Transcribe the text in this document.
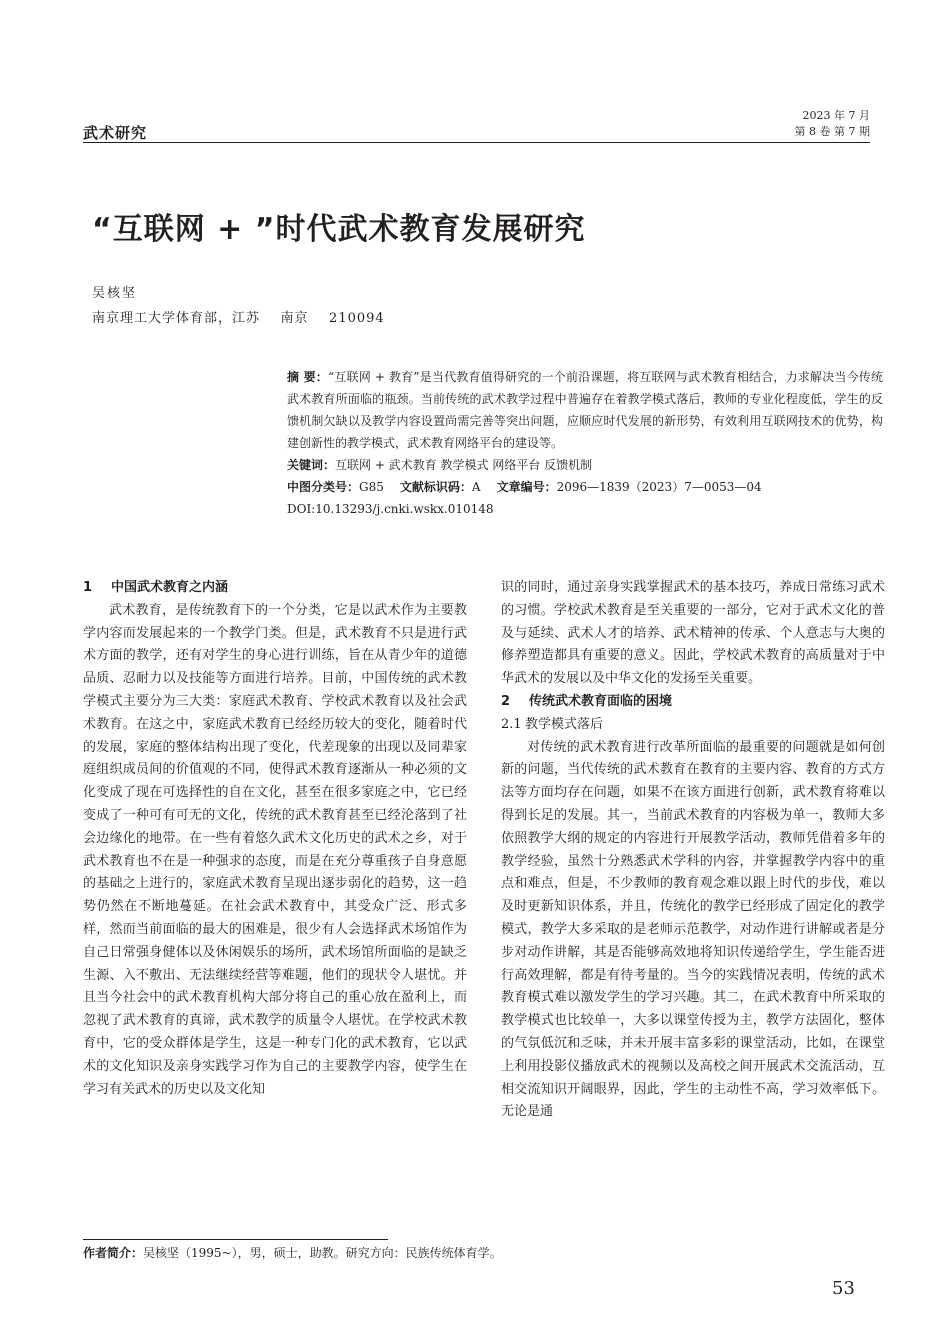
武术研究
2023 年 7 月
第 8 卷 第 7 期
“互联网 + ”时代武术教育发展研究
吴核坚
南京理工大学体育部，江苏    南京    210094

摘 要：“互联网 + 教育”是当代教育值得研究的一个前沿课题，将互联网与武术教育相结合，力求解决当今传统武术教育所面临的瓶颈。当前传统的武术教学过程中普遍存在着教学模式落后，教师的专业化程度低，学生的反馈机制欠缺以及教学内容设置尚需完善等突出问题，应顺应时代发展的新形势，有效利用互联网技术的优势，构建创新性的教学模式，武术教育网络平台的建设等。

关键词：互联网 + 武术教育 教学模式 网络平台 反馈机制

中图分类号：G85 文献标识码：A 文章编号：2096—1839（2023）7—0053—04

DOI:10.13293/j.cnki.wskx.010148

1 中国武术教育之内涵

武术教育，是传统教育下的一个分类，它是以武术作为主要教学内容而发展起来的一个教学门类。但是，武术教育不只是进行武术方面的教学，还有对学生的身心进行训练，旨在从青少年的道德品质、忍耐力以及技能等方面进行培养。目前，中国传统的武术教学模式主要分为三大类：家庭武术教育、学校武术教育以及社会武术教育。在这之中，家庭武术教育已经经历较大的变化，随着时代的发展，家庭的整体结构出现了变化，代差现象的出现以及同辈家庭组织成员间的价值观的不同，使得武术教育逐渐从一种必须的文化变成了现在可选择性的自在文化，甚至在很多家庭之中，它已经变成了一种可有可无的文化，传统的武术教育甚至已经沦落到了社会边缘化的地带。在一些有着悠久武术文化历史的武术之乡，对于武术教育也不在是一种强求的态度，而是在充分尊重孩子自身意愿的基础之上进行的，家庭武术教育呈现出逐步弱化的趋势，这一趋势仍然在不断地蔓延。在社会武术教育中，其受众广泛、形式多样，然而当前面临的最大的困难是，很少有人会选择武术场馆作为自己日常强身健体以及休闲娱乐的场所，武术场馆所面临的是缺乏生源、入不敷出、无法继续经营等难题，他们的现状令人堪忧。并且当今社会中的武术教育机构大部分将自己的重心放在盈利上，而忽视了武术教育的真谛，武术教学的质量令人堪忧。在学校武术教育中，它的受众群体是学生，这是一种专门化的武术教育，它以武术的文化知识及亲身实践学习作为自己的主要教学内容，使学生在学习有关武术的历史以及文化知

识的同时，通过亲身实践掌握武术的基本技巧，养成日常练习武术的习惯。学校武术教育是至关重要的一部分，它对于武术文化的普及与延续、武术人才的培养、武术精神的传承、个人意志与大奥的修养塑造都具有重要的意义。因此，学校武术教育的高质量对于中华武术的发展以及中华文化的发扬至关重要。

2 传统武术教育面临的困境

2.1 教学模式落后

对传统的武术教育进行改革所面临的最重要的问题就是如何创新的问题，当代传统的武术教育在教育的主要内容、教育的方式方法等方面均存在问题，如果不在该方面进行创新，武术教育将难以得到长足的发展。其一，当前武术教育的内容极为单一，教师大多依照教学大纲的规定的内容进行开展教学活动，教师凭借着多年的教学经验，虽然十分熟悉武术学科的内容，并掌握教学内容中的重点和难点，但是，不少教师的教育观念难以跟上时代的步伐，难以及时更新知识体系，并且，传统化的教学已经形成了固定化的教学模式，教学大多采取的是老师示范教学，对动作进行讲解或者是分步对动作讲解，其是否能够高效地将知识传递给学生，学生能否进行高效理解，都是有待考量的。当今的实践情况表明，传统的武术教育模式难以激发学生的学习兴趣。其二，在武术教育中所采取的教学模式也比较单一，大多以课堂传授为主，教学方法固化，整体的气氛低沉和乏味，并未开展丰富多彩的课堂活动，比如，在课堂上利用投影仪播放武术的视频以及高校之间开展武术交流活动，互相交流知识开阔眼界，因此，学生的主动性不高，学习效率低下。无论是通

作者简介：吴核坚（1995~），男，硕士，助教。研究方向：民族传统体育学。
53
